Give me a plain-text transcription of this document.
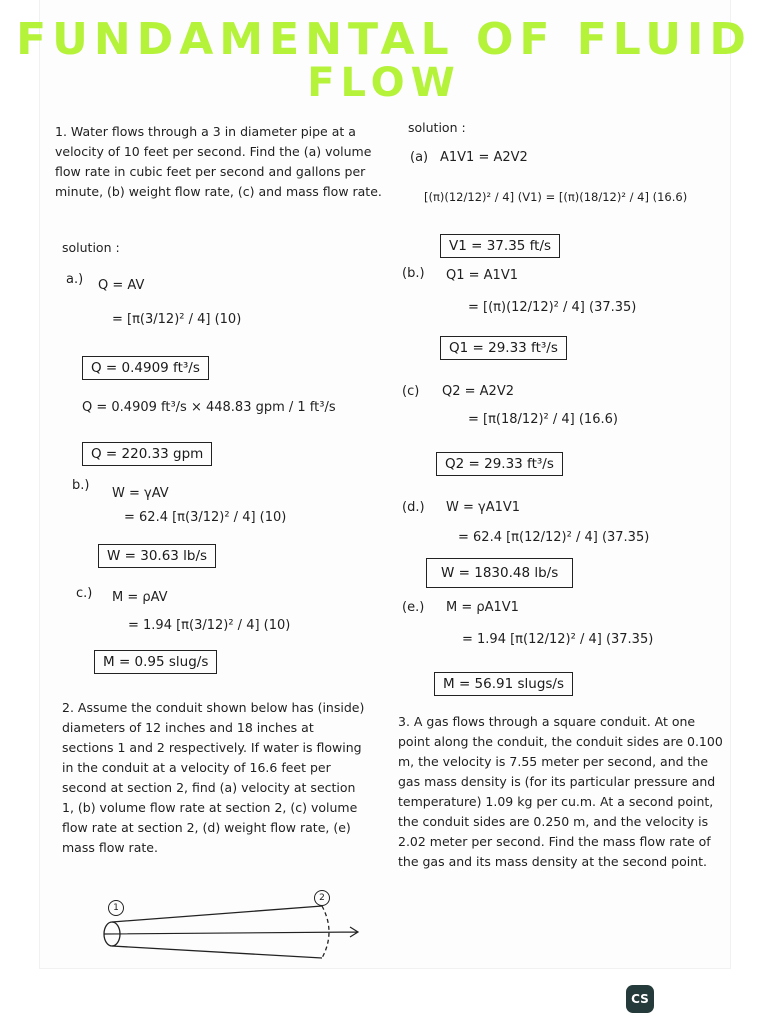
FUNDAMENTAL OF FLUID
FLOW
1. Water flows through a 3 in diameter pipe at a velocity of 10 feet per second. Find the (a) volume flow rate in cubic feet per second and gallons per minute, (b) weight flow rate, (c) and mass flow rate.
solution :
a.) Q = AV
= [π(3/12)² / 4] (10)
Q = 0.4909 ft³/s
Q = 0.4909 ft³/s × 448.83 gpm / 1 ft³/s
Q = 220.33 gpm
b.)
W = γAV
= 62.4 [π(3/12)² / 4] (10)
W = 30.63 lb/s
c.) M = ρAV
= 1.94 [π(3/12)² / 4] (10)
M = 0.95 slug/s
2. Assume the conduit shown below has (inside) diameters of 12 inches and 18 inches at sections 1 and 2 respectively. If water is flowing in the conduit at a velocity of 16.6 feet per second at section 2, find (a) velocity at section 1, (b) volume flow rate at section 2, (c) volume flow rate at section 2, (d) weight flow rate, (e) mass flow rate.
1
2
solution :
(a) A1V1 = A2V2
[(π)(12/12)² / 4] (V1) = [(π)(18/12)² / 4] (16.6)
V1 = 37.35 ft/s
(b.) Q1 = A1V1
= [(π)(12/12)² / 4] (37.35)
Q1 = 29.33 ft³/s
(c) Q2 = A2V2
= [π(18/12)² / 4] (16.6)
Q2 = 29.33 ft³/s
(d.) W = γA1V1
= 62.4 [π(12/12)² / 4] (37.35)
W = 1830.48 lb/s
(e.) M = ρA1V1
= 1.94 [π(12/12)² / 4] (37.35)
M = 56.91 slugs/s
3. A gas flows through a square conduit. At one point along the conduit, the conduit sides are 0.100 m, the velocity is 7.55 meter per second, and the gas mass density is (for its particular pressure and temperature) 1.09 kg per cu.m. At a second point, the conduit sides are 0.250 m, and the velocity is 2.02 meter per second. Find the mass flow rate of the gas and its mass density at the second point.
CS
